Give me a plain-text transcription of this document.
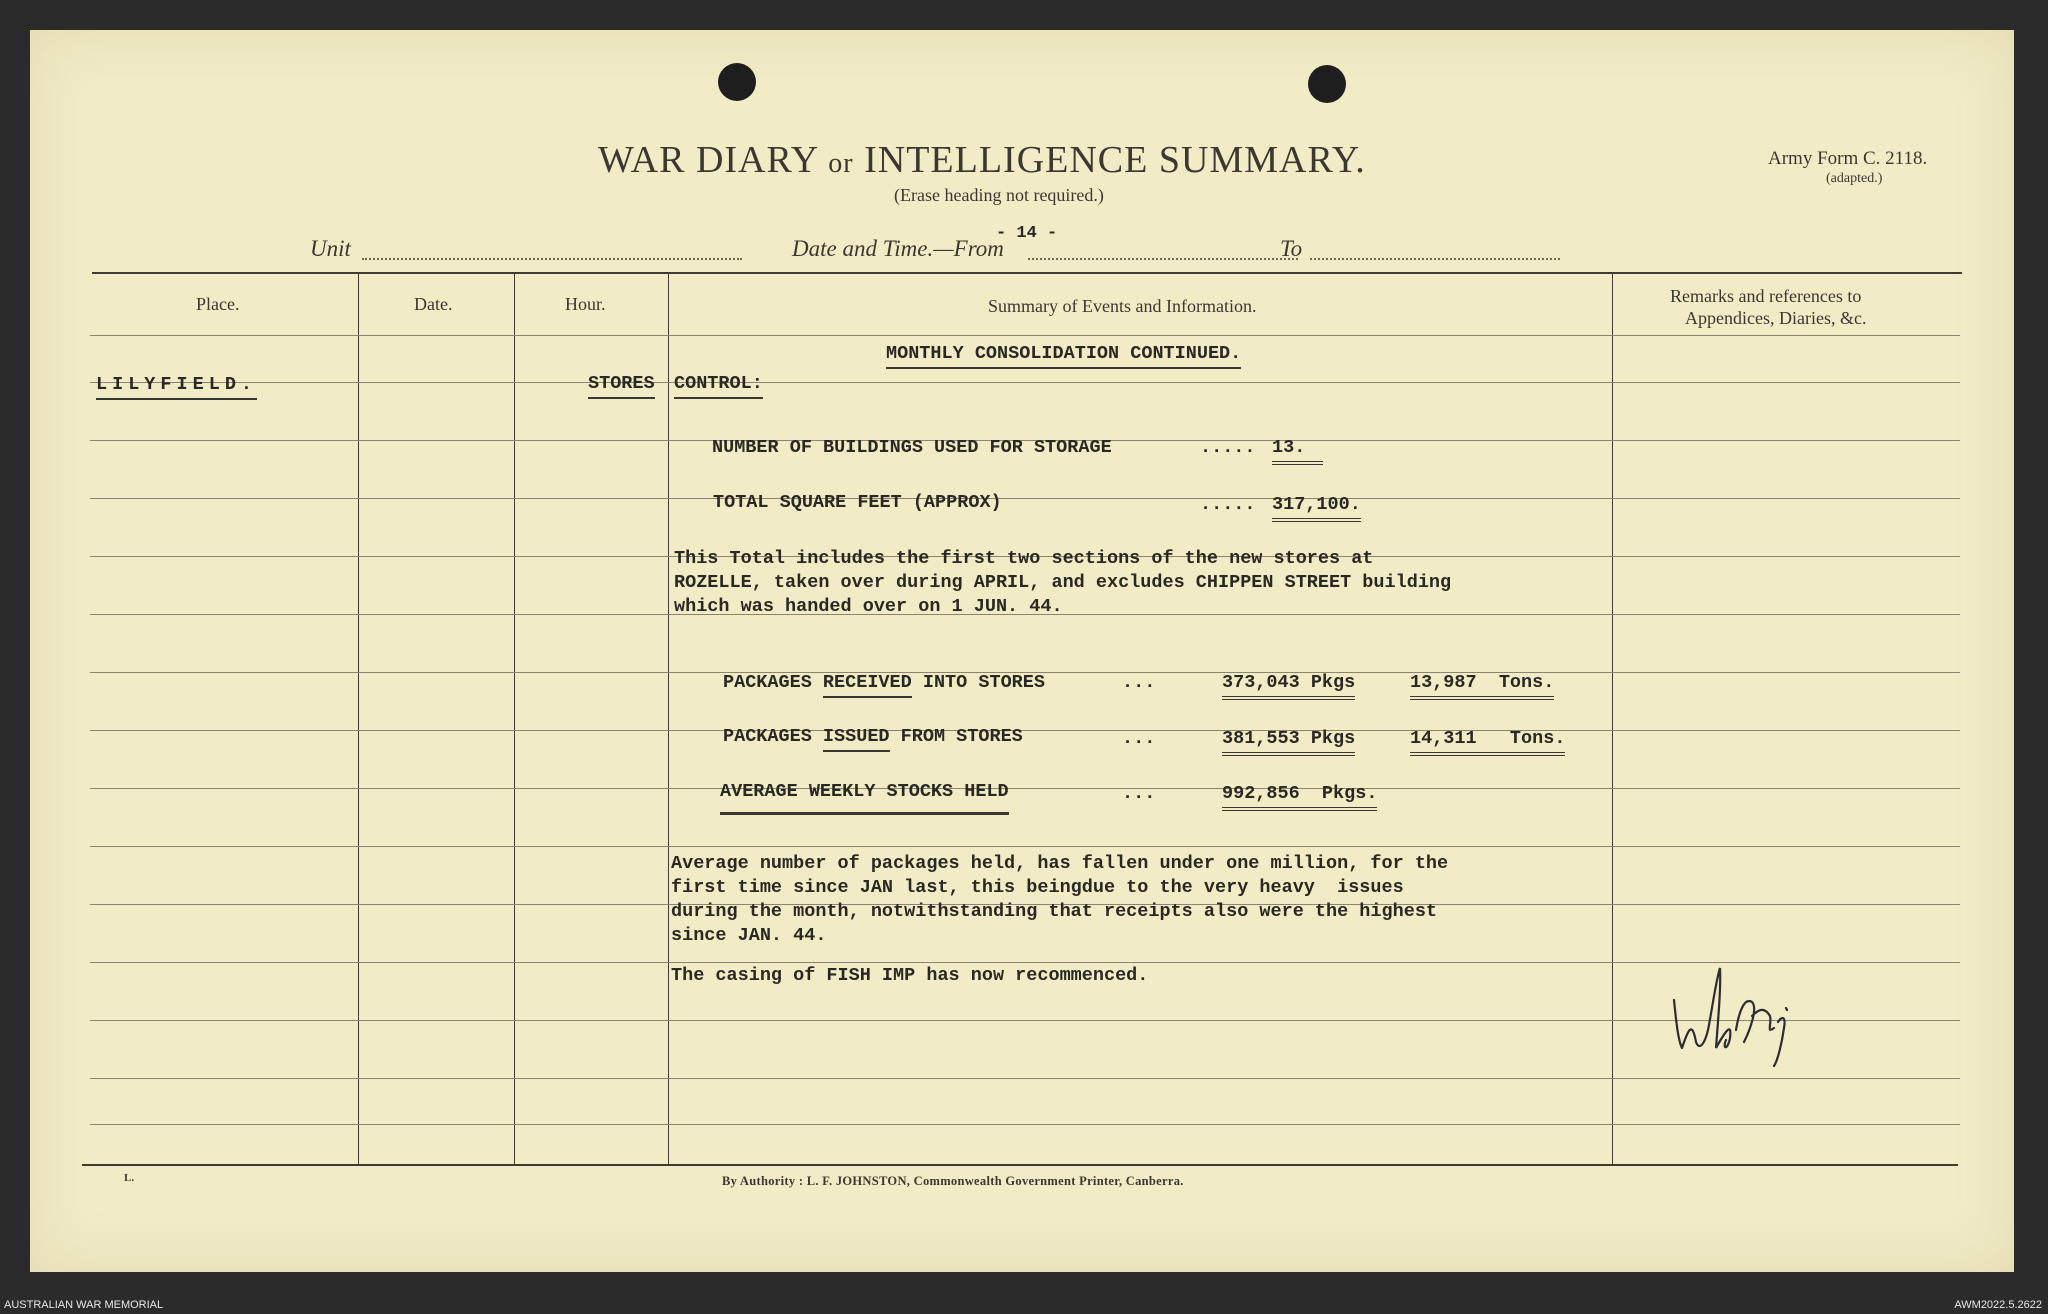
WAR DIARY or INTELLIGENCE SUMMARY.
(Erase heading not required.)
Army Form C. 2118.
(adapted.)
Unit
- 14 -
Date and Time.—From	To
Place.	Date.	Hour.	Summary of Events and Information.	Remarks and references to
Appendices, Diaries, &c.
MONTHLY CONSOLIDATION CONTINUED.
LILYFIELD.	STORES CONTROL:
NUMBER OF BUILDINGS USED FOR STORAGE	..... 13.
TOTAL SQUARE FEET (APPROX)	..... 317,100.
This Total includes the first two sections of the new stores at
ROZELLE, taken over during APRIL, and excludes CHIPPEN STREET building
which was handed over on 1 JUN. 44.
PACKAGES RECEIVED INTO STORES	...	373,043 Pkgs	13,987  Tons.
PACKAGES ISSUED FROM STORES	...	381,553 Pkgs	14,311   Tons.
AVERAGE WEEKLY STOCKS HELD	...	992,856  Pkgs.
Average number of packages held, has fallen under one million, for the
first time since JAN last, this beingdue to the very heavy  issues
during the month, notwithstanding that receipts also were the highest
since JAN. 44.
The casing of FISH IMP has now recommenced.
L.	By Authority : L. F. JOHNSTON, Commonwealth Government Printer, Canberra.
AUSTRALIAN WAR MEMORIAL	AWM2022.5.2622
